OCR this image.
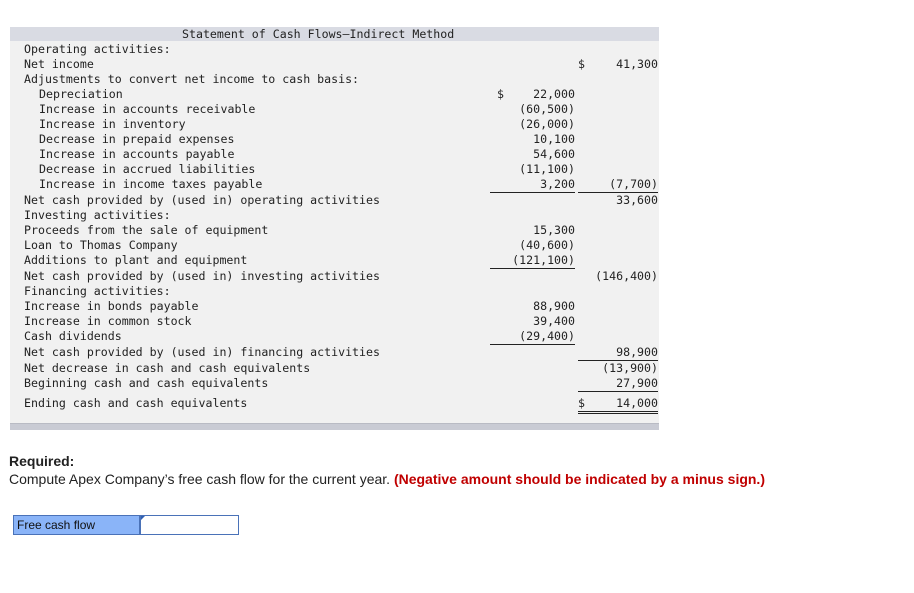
Statement of Cash Flows—Indirect Method
Operating activities:
Net income	$	41,300
Adjustments to convert net income to cash basis:
Depreciation	$	22,000
Increase in accounts receivable	(60,500)
Increase in inventory	(26,000)
Decrease in prepaid expenses	10,100
Increase in accounts payable	54,600
Decrease in accrued liabilities	(11,100)
Increase in income taxes payable	3,200	(7,700)
Net cash provided by (used in) operating activities	33,600
Investing activities:
Proceeds from the sale of equipment	15,300
Loan to Thomas Company	(40,600)
Additions to plant and equipment	(121,100)
Net cash provided by (used in) investing activities	(146,400)
Financing activities:
Increase in bonds payable	88,900
Increase in common stock	39,400
Cash dividends	(29,400)
Net cash provided by (used in) financing activities	98,900
Net decrease in cash and cash equivalents	(13,900)
Beginning cash and cash equivalents	27,900
Ending cash and cash equivalents	$	14,000
Required:
Compute Apex Company’s free cash flow for the current year. (Negative amount should be indicated by a minus sign.)
Free cash flow
